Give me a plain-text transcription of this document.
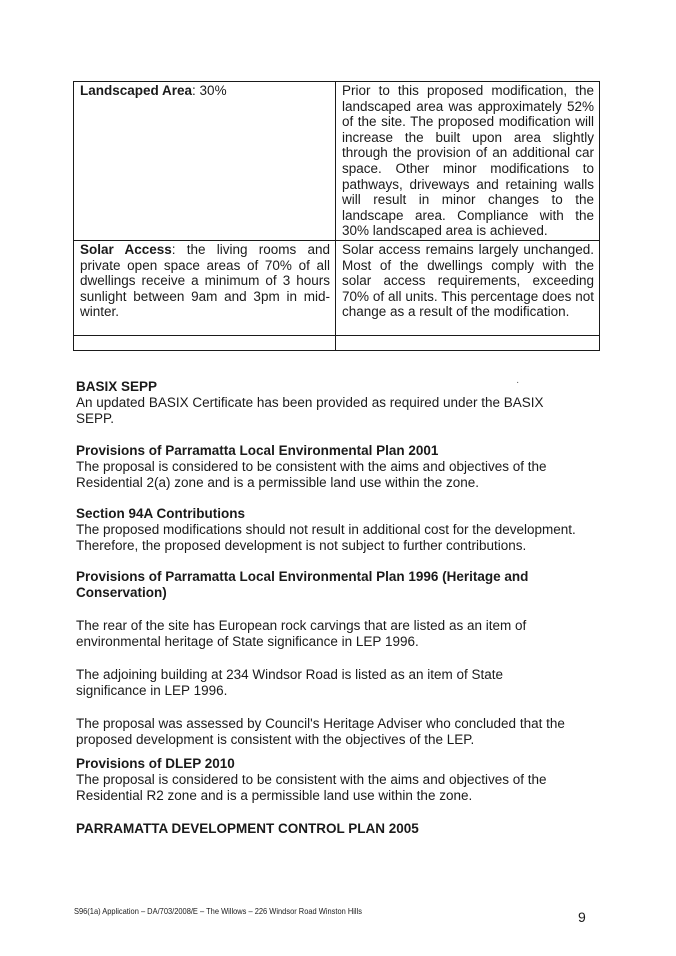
Landscaped Area: 30%	Prior to this proposed modification, the landscaped area was approximately 52% of the site. The proposed modification will increase the built upon area slightly through the provision of an additional car space. Other minor modifications to pathways, driveways and retaining walls will result in minor changes to the landscape area. Compliance with the 30% landscaped area is achieved.
Solar Access: the living rooms and private open space areas of 70% of all dwellings receive a minimum of 3 hours sunlight between 9am and 3pm in mid-winter.	Solar access remains largely unchanged. Most of the dwellings comply with the solar access requirements, exceeding 70% of all units. This percentage does not change as a result of the modification.

·
BASIX SEPP

An updated BASIX Certificate has been provided as required under the BASIX SEPP.

Provisions of Parramatta Local Environmental Plan 2001

The proposal is considered to be consistent with the aims and objectives of the Residential 2(a) zone and is a permissible land use within the zone.

Section 94A Contributions

The proposed modifications should not result in additional cost for the development. Therefore, the proposed development is not subject to further contributions.

Provisions of Parramatta Local Environmental Plan 1996 (Heritage and Conservation)

The rear of the site has European rock carvings that are listed as an item of environmental heritage of State significance in LEP 1996.

The adjoining building at 234 Windsor Road is listed as an item of State significance in LEP 1996.

The proposal was assessed by Council's Heritage Adviser who concluded that the proposed development is consistent with the objectives of the LEP.

Provisions of DLEP 2010

The proposal is considered to be consistent with the aims and objectives of the Residential R2 zone and is a permissible land use within the zone.

PARRAMATTA DEVELOPMENT CONTROL PLAN 2005
S96(1a) Application – DA/703/2008/E – The Willows – 226 Windsor Road Winston Hills	9
